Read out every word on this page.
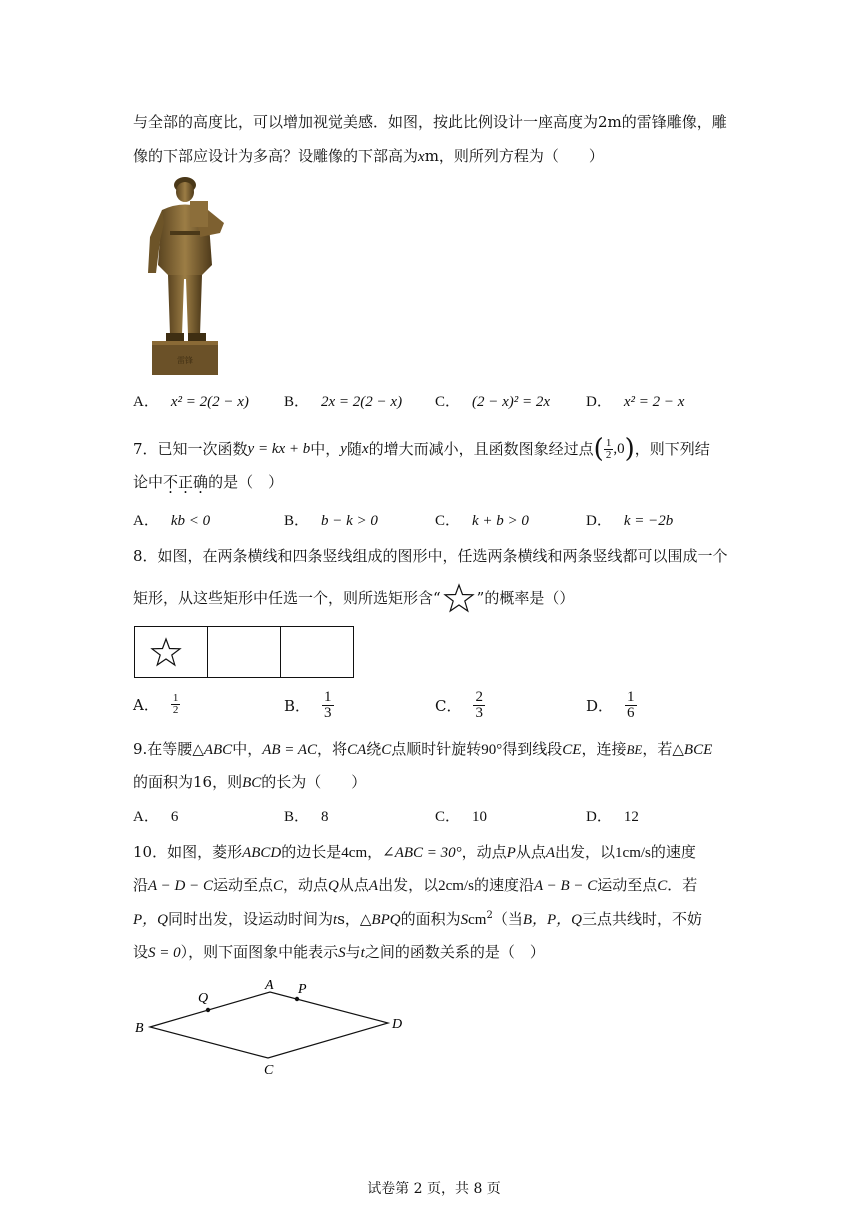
与全部的高度比，可以增加视觉美感．如图，按此比例设计一座高度为2m的雷锋雕像，雕
像的下部应设计为多高？设雕像的下部高为xm，则所列方程为（　　）
雷锋
A． x² = 2(2 − x) B． 2x = 2(2 − x) C． (2 − x)² = 2x D． x² = 2 − x
7．已知一次函数 y = kx + b 中， y 随 x 的增大而减小，且函数图象经过点 ( $\frac{1}{2} ,0$ ) ，则下列结
论中不正确的是（　）
A． kb < 0	B． b − k > 0	C． k + b > 0	D． k = −2b
8．如图，在两条横线和四条竖线组成的图形中，任选两条横线和两条竖线都可以围成一个
矩形，从这些矩形中任选一个，则所选矩形含“ ”的概率是（）
A． $\frac{1}{2}$	B． $\frac{1}{3}$	C． $\frac{2}{3}$	D． $\frac{1}{6}$
9.在等腰△ABC中，AB = AC，将CA绕C点顺时针旋转90°得到线段CE，连接BE，若△BCE
的面积为16，则BC的长为（　　）
A． 6	B． 8	C． 10	D． 12
10．如图，菱形ABCD的边长是4cm，∠ABC = 30°，动点P从点A出发，以1cm/s的速度
沿A − D − C运动至点C，动点Q从点A出发，以2cm/s的速度沿A − B − C运动至点C．若
P，Q同时出发，设运动时间为ts，△BPQ的面积为Scm$^2$（当B，P，Q三点共线时，不妨
设S = 0），则下面图象中能表示S与t之间的函数关系的是（　）
A
B
C
D
P
Q
试卷第 2 页，共 8 页
